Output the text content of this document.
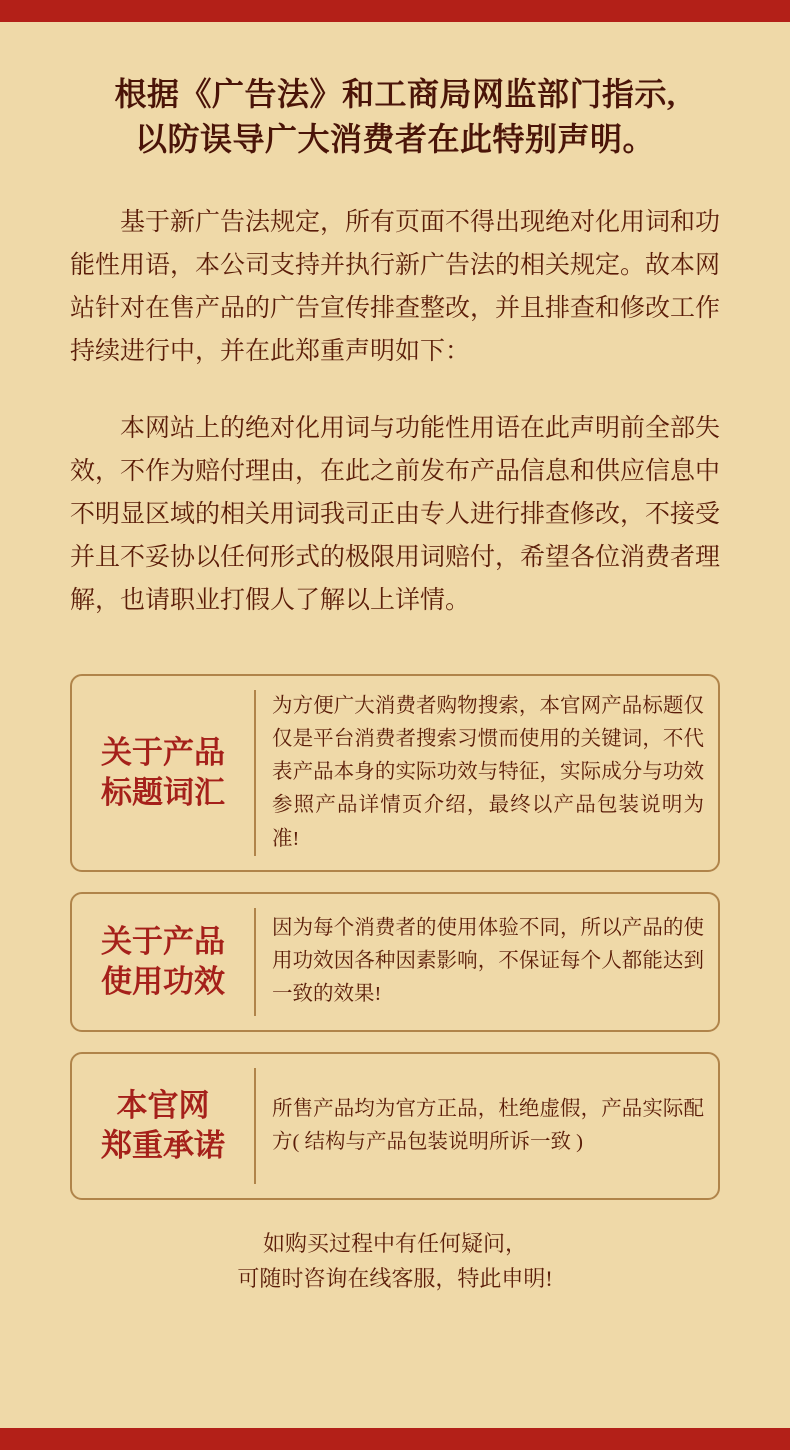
根据《广告法》和工商局网监部门指示,
以防误导广大消费者在此特别声明。

基于新广告法规定，所有页面不得出现绝对化用词和功能性用语，本公司支持并执行新广告法的相关规定。故本网站针对在售产品的广告宣传排查整改，并且排查和修改工作持续进行中，并在此郑重声明如下：

本网站上的绝对化用词与功能性用语在此声明前全部失效，不作为赔付理由，在此之前发布产品信息和供应信息中不明显区域的相关用词我司正由专人进行排查修改，不接受并且不妥协以任何形式的极限用词赔付，希望各位消费者理解，也请职业打假人了解以上详情。

关于产品
标题词汇
为方便广大消费者购物搜索，本官网产品标题仅仅是平台消费者搜索习惯而使用的关键词，不代表产品本身的实际功效与特征，实际成分与功效参照产品详情页介绍，最终以产品包装说明为准!
关于产品
使用功效
因为每个消费者的使用体验不同，所以产品的使用功效因各种因素影响，不保证每个人都能达到一致的效果!
本官网
郑重承诺
所售产品均为官方正品，杜绝虚假，产品实际配方( 结构与产品包装说明所诉一致 )
如购买过程中有任何疑问，
可随时咨询在线客服，特此申明!
